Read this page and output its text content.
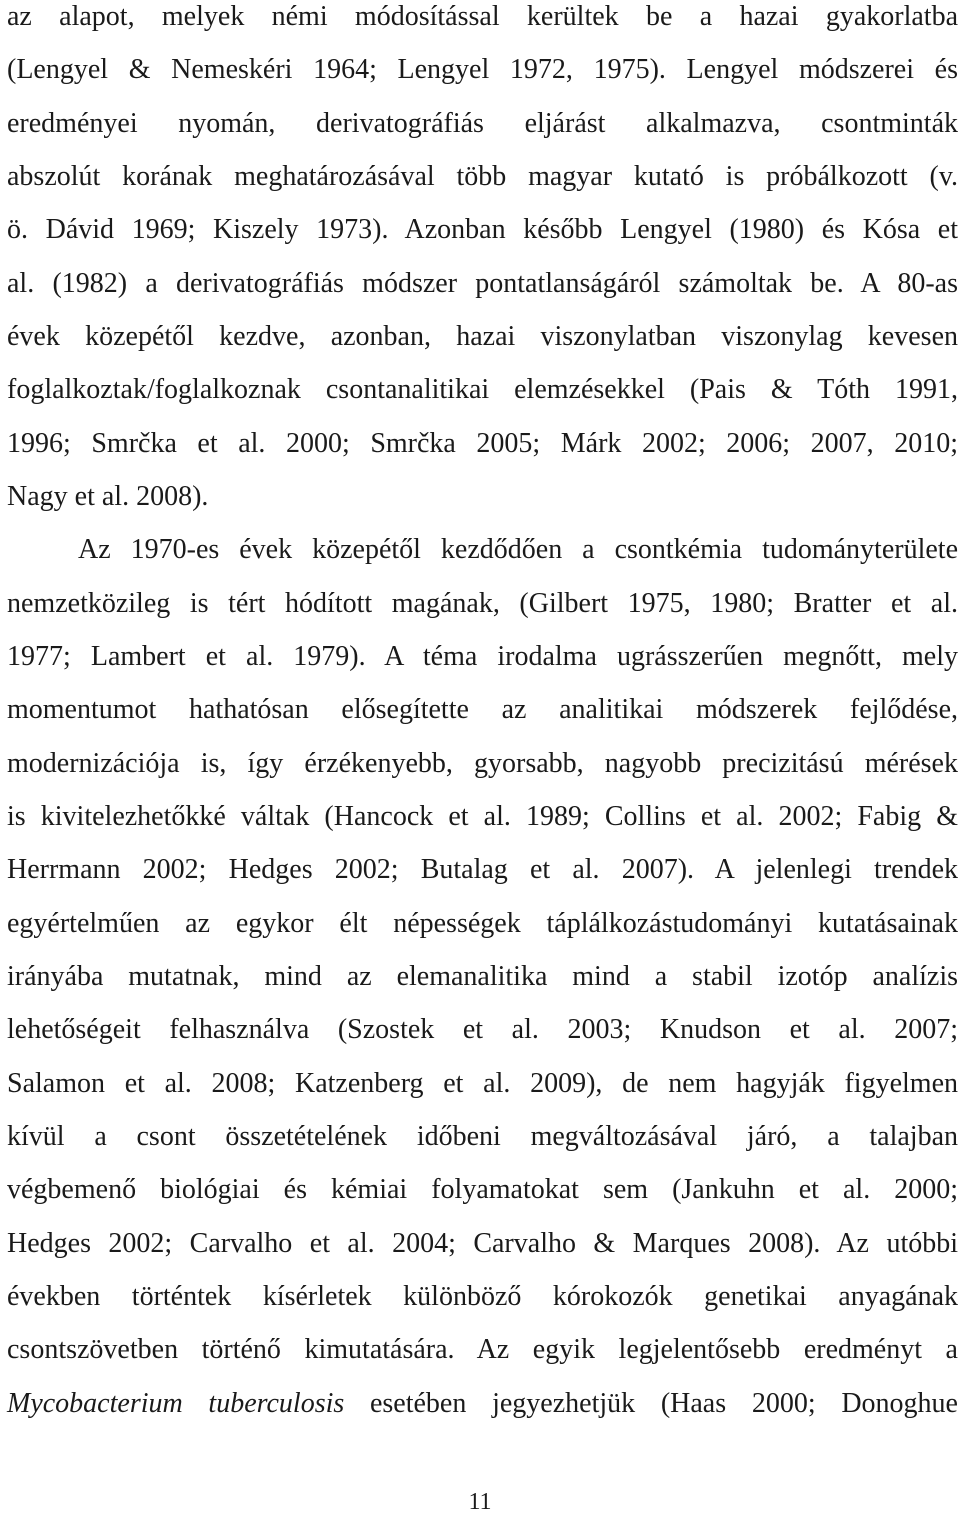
az alapot, melyek némi módosítással kerültek be a hazai gyakorlatba
(Lengyel & Nemeskéri 1964; Lengyel 1972, 1975). Lengyel módszerei és
eredményei nyomán, derivatográfiás eljárást alkalmazva, csontminták
abszolút korának meghatározásával több magyar kutató is próbálkozott (v.
ö. Dávid 1969; Kiszely 1973). Azonban később Lengyel (1980) és Kósa et
al. (1982) a derivatográfiás módszer pontatlanságáról számoltak be. A 80-as
évek közepétől kezdve, azonban, hazai viszonylatban viszonylag kevesen
foglalkoztak/foglalkoznak csontanalitikai elemzésekkel (Pais & Tóth 1991,
1996; Smrčka et al. 2000; Smrčka 2005; Márk 2002; 2006; 2007, 2010;
Nagy et al. 2008).
Az 1970-es évek közepétől kezdődően a csontkémia tudományterülete
nemzetközileg is tért hódított magának, (Gilbert 1975, 1980; Bratter et al.
1977; Lambert et al. 1979). A téma irodalma ugrásszerűen megnőtt, mely
momentumot hathatósan elősegítette az analitikai módszerek fejlődése,
modernizációja is, így érzékenyebb, gyorsabb, nagyobb precizitású mérések
is kivitelezhetőkké váltak (Hancock et al. 1989; Collins et al. 2002; Fabig &
Herrmann 2002; Hedges 2002; Butalag et al. 2007). A jelenlegi trendek
egyértelműen az egykor élt népességek táplálkozástudományi kutatásainak
irányába mutatnak, mind az elemanalitika mind a stabil izotóp analízis
lehetőségeit felhasználva (Szostek et al. 2003; Knudson et al. 2007;
Salamon et al. 2008; Katzenberg et al. 2009), de nem hagyják figyelmen
kívül a csont összetételének időbeni megváltozásával járó, a talajban
végbemenő biológiai és kémiai folyamatokat sem (Jankuhn et al. 2000;
Hedges 2002; Carvalho et al. 2004; Carvalho & Marques 2008). Az utóbbi
években történtek kísérletek különböző kórokozók genetikai anyagának
csontszövetben történő kimutatására. Az egyik legjelentősebb eredményt a
Mycobacterium tuberculosis esetében jegyezhetjük (Haas 2000; Donoghue
11
